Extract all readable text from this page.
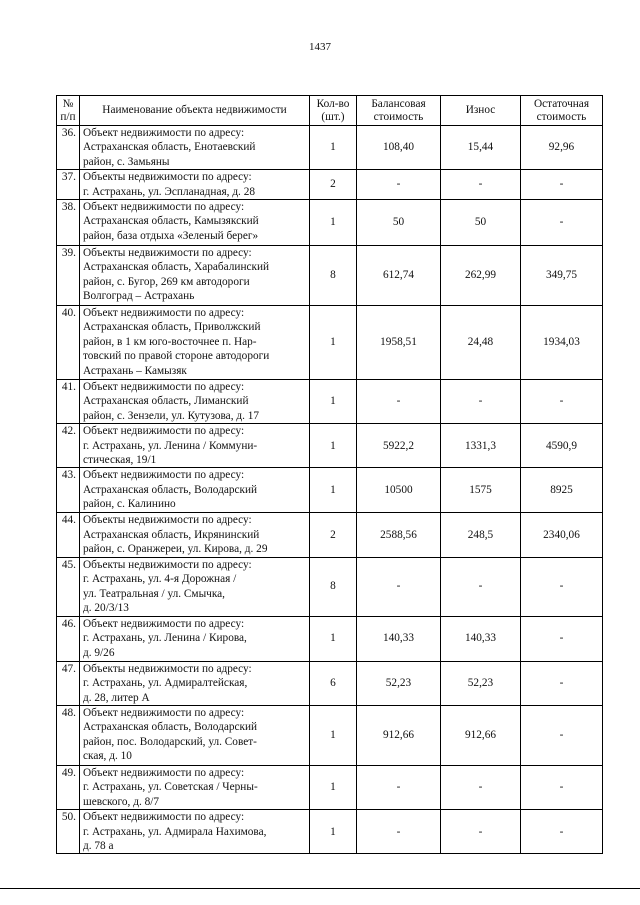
1437
№ п/п	Наименование объекта недвижимости	Кол-во (шт.)	Балансовая стоимость	Износ	Остаточная стоимость
36.	Объект недвижимости по адресу:
Астраханская область, Енотаевский
район, с. Замьяны	1	108,40	15,44	92,96
37.	Объекты недвижимости по адресу:
г. Астрахань, ул. Эспланадная, д. 28	2	-	-	-
38.	Объект недвижимости по адресу:
Астраханская область, Камызякский
район, база отдыха «Зеленый берег»	1	50	50	-
39.	Объекты недвижимости по адресу:
Астраханская область, Харабалинский
район, с. Бугор, 269 км автодороги
Волгоград – Астрахань	8	612,74	262,99	349,75
40.	Объект недвижимости по адресу:
Астраханская область, Приволжский
район, в 1 км юго-восточнее п. Нар-
товский по правой стороне автодороги
Астрахань – Камызяк	1	1958,51	24,48	1934,03
41.	Объект недвижимости по адресу:
Астраханская область, Лиманский
район, с. Зензели, ул. Кутузова, д. 17	1	-	-	-
42.	Объект недвижимости по адресу:
г. Астрахань, ул. Ленина / Коммуни-
стическая, 19/1	1	5922,2	1331,3	4590,9
43.	Объект недвижимости по адресу:
Астраханская область, Володарский
район, с. Калинино	1	10500	1575	8925
44.	Объекты недвижимости по адресу:
Астраханская область, Икрянинский
район, с. Оранжереи, ул. Кирова, д. 29	2	2588,56	248,5	2340,06
45.	Объекты недвижимости по адресу:
г. Астрахань, ул. 4-я Дорожная /
ул. Театральная / ул. Смычка,
д. 20/3/13	8	-	-	-
46.	Объект недвижимости по адресу:
г. Астрахань, ул. Ленина / Кирова,
д. 9/26	1	140,33	140,33	-
47.	Объекты недвижимости по адресу:
г. Астрахань, ул. Адмиралтейская,
д. 28, литер А	6	52,23	52,23	-
48.	Объект недвижимости по адресу:
Астраханская область, Володарский
район, пос. Володарский, ул. Совет-
ская, д. 10	1	912,66	912,66	-
49.	Объект недвижимости по адресу:
г. Астрахань, ул. Советская / Черны-
шевского, д. 8/7	1	-	-	-
50.	Объект недвижимости по адресу:
г. Астрахань, ул. Адмирала Нахимова,
д. 78 а	1	-	-	-
